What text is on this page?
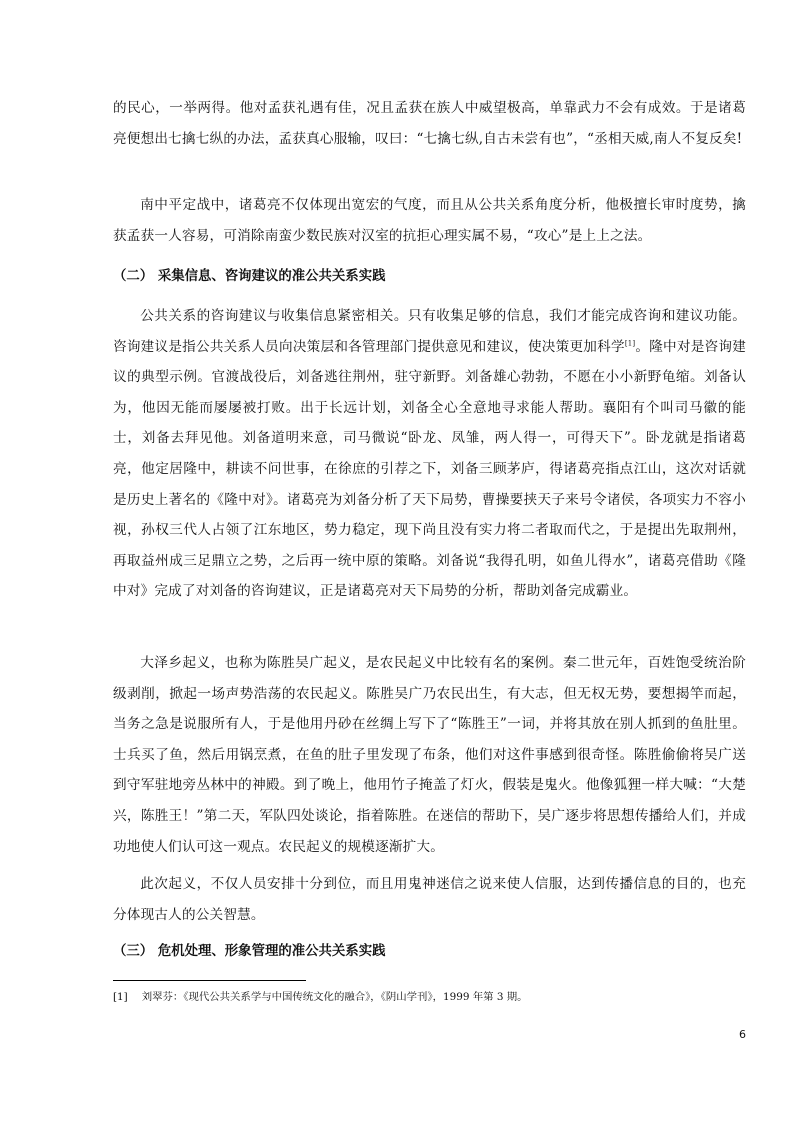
的民心，一举两得。他对孟获礼遇有佳，况且孟获在族人中威望极高，单靠武力不会有成效。于是诸葛亮便想出七擒七纵的办法，孟获真心服输，叹曰：“七擒七纵,自古未尝有也”，“丞相天威,南人不复反矣!

南中平定战中，诸葛亮不仅体现出宽宏的气度，而且从公共关系角度分析，他极擅长审时度势，擒获孟获一人容易，可消除南蛮少数民族对汉室的抗拒心理实属不易，“攻心”是上上之法。

（二） 采集信息、咨询建议的准公共关系实践

公共关系的咨询建议与收集信息紧密相关。只有收集足够的信息，我们才能完成咨询和建议功能。咨询建议是指公共关系人员向决策层和各管理部门提供意见和建议，使决策更加科学[1]。隆中对是咨询建议的典型示例。官渡战役后，刘备逃往荆州，驻守新野。刘备雄心勃勃，不愿在小小新野龟缩。刘备认为，他因无能而屡屡被打败。出于长远计划，刘备全心全意地寻求能人帮助。襄阳有个叫司马徽的能士，刘备去拜见他。刘备道明来意，司马微说“卧龙、凤雏，两人得一，可得天下”。卧龙就是指诸葛亮，他定居隆中，耕读不问世事，在徐庶的引荐之下，刘备三顾茅庐，得诸葛亮指点江山，这次对话就是历史上著名的《隆中对》。诸葛亮为刘备分析了天下局势，曹操要挟天子来号令诸侯，各项实力不容小视，孙权三代人占领了江东地区，势力稳定，现下尚且没有实力将二者取而代之，于是提出先取荆州，再取益州成三足鼎立之势，之后再一统中原的策略。刘备说“我得孔明，如鱼儿得水”，诸葛亮借助《隆中对》完成了对刘备的咨询建议，正是诸葛亮对天下局势的分析，帮助刘备完成霸业。

大泽乡起义，也称为陈胜吴广起义，是农民起义中比较有名的案例。秦二世元年，百姓饱受统治阶级剥削，掀起一场声势浩荡的农民起义。陈胜吴广乃农民出生，有大志，但无权无势，要想揭竿而起，当务之急是说服所有人，于是他用丹砂在丝绸上写下了“陈胜王”一词，并将其放在别人抓到的鱼肚里。士兵买了鱼，然后用锅烹煮，在鱼的肚子里发现了布条，他们对这件事感到很奇怪。陈胜偷偷将吴广送到守军驻地旁丛林中的神殿。到了晚上，他用竹子掩盖了灯火，假装是鬼火。他像狐狸一样大喊：“大楚兴，陈胜王！”第二天，军队四处谈论，指着陈胜。在迷信的帮助下，吴广逐步将思想传播给人们，并成功地使人们认可这一观点。农民起义的规模逐渐扩大。

此次起义，不仅人员安排十分到位，而且用鬼神迷信之说来使人信服，达到传播信息的目的，也充分体现古人的公关智慧。

（三） 危机处理、形象管理的准公共关系实践

[1] 刘翠芬：《现代公共关系学与中国传统文化的融合》，《阴山学刊》，1999 年第 3 期。

6
